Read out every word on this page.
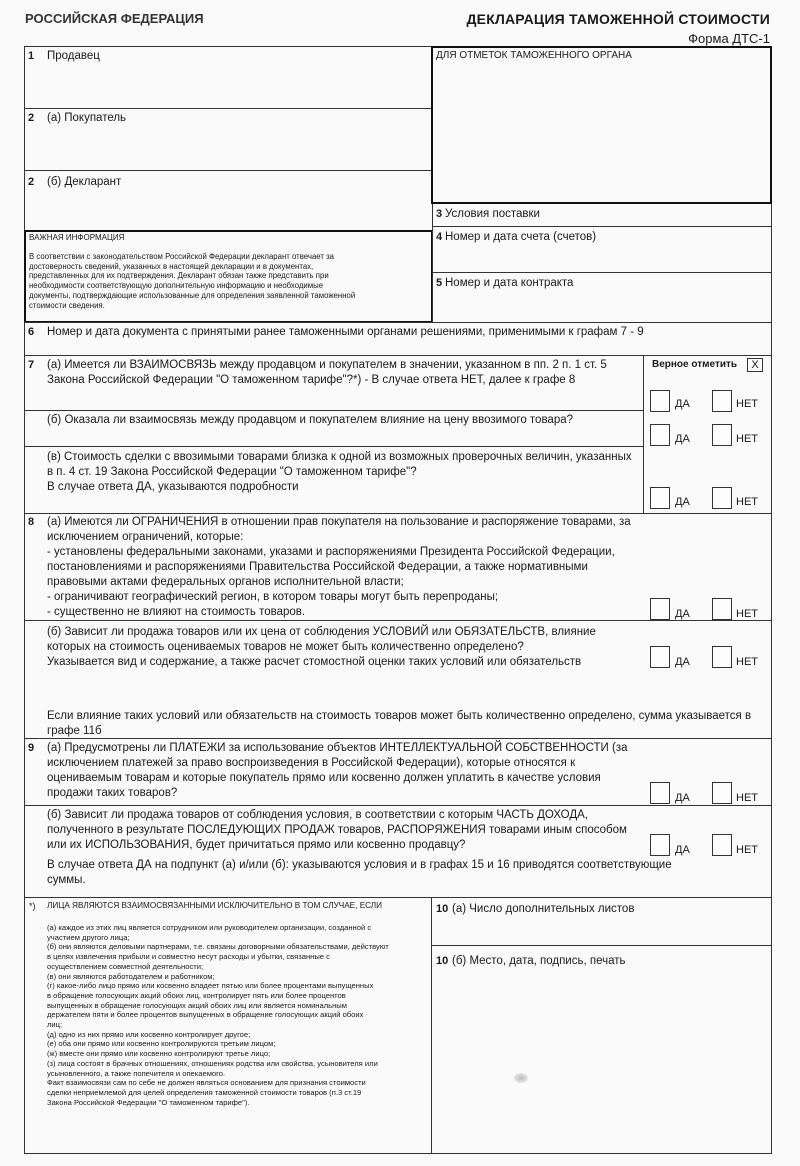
РОССИЙСКАЯ ФЕДЕРАЦИЯ	ДЕКЛАРАЦИЯ ТАМОЖЕННОЙ СТОИМОСТИ
Форма ДТС-1
1 Продавец
2 (а) Покупатель
2 (б) Декларант
ДЛЯ ОТМЕТОК ТАМОЖЕННОГО ОРГАНА
ВАЖНАЯ ИНФОРМАЦИЯ
В соответствии с законодательством Российской Федерации декларант отвечает за
достоверность сведений, указанных в настоящей декларации и в документах,
представленных для их подтверждения. Декларант обязан также представить при
необходимости соответствующую дополнительную информацию и необходимые
документы, подтверждающие использованные для определения заявленной таможенной
стоимости сведения.
3 Условия поставки
4 Номер и дата счета (счетов)
5 Номер и дата контракта
6 Номер и дата документа с принятыми ранее таможенными органами решениями, применимыми к графам 7 - 9
7	Верное отметить	X
(а) Имеется ли ВЗАИМОСВЯЗЬ между продавцом и покупателем в значении, указанном в пп. 2 п. 1 ст. 5
Закона Российской Федерации "О таможенном тарифе"?*) - В случае ответа НЕТ, далее к графе 8
ДА	НЕТ
(б) Оказала ли взаимосвязь между продавцом и покупателем влияние на цену ввозимого товара?
ДА	НЕТ
(в) Стоимость сделки с ввозимыми товарами близка к одной из возможных проверочных величин, указанных
в п. 4 ст. 19 Закона Российской Федерации "О таможенном тарифе"?
В случае ответа ДА, указываются подробности
ДА	НЕТ
8 (а) Имеются ли ОГРАНИЧЕНИЯ в отношении прав покупателя на пользование и распоряжение товарами, за
исключением ограничений, которые:
- установлены федеральными законами, указами и распоряжениями Президента Российской Федерации,
постановлениями и распоряжениями Правительства Российской Федерации, а также нормативными
правовыми актами федеральных органов исполнительной власти;
- ограничивают географический регион, в котором товары могут быть перепроданы;
- существенно не влияют на стоимость товаров.	ДА	НЕТ
(б) Зависит ли продажа товаров или их цена от соблюдения УСЛОВИЙ или ОБЯЗАТЕЛЬСТВ, влияние
которых на стоимость оцениваемых товаров не может быть количественно определено?
Указывается вид и содержание, а также расчет стомостной оценки таких условий или обязательств	ДА	НЕТ
Если влияние таких условий или обязательств на стоимость товаров может быть количественно определено, сумма указывается в
графе 11б
9 (а) Предусмотрены ли ПЛАТЕЖИ за использование объектов ИНТЕЛЛЕКТУАЛЬНОЙ СОБСТВЕННОСТИ (за
исключением платежей за право воспроизведения в Российской Федерации), которые относятся к
оцениваемым товарам и которые покупатель прямо или косвенно должен уплатить в качестве условия
продажи таких товаров?	ДА	НЕТ
(б) Зависит ли продажа товаров от соблюдения условия, в соответствии с которым ЧАСТЬ ДОХОДА,
полученного в результате ПОСЛЕДУЮЩИХ ПРОДАЖ товаров, РАСПОРЯЖЕНИЯ товарами иным способом
или их ИСПОЛЬЗОВАНИЯ, будет причитаться прямо или косвенно продавцу?	ДА	НЕТ
В случае ответа ДА на подпункт (а) и/или (б): указываются условия и в графах 15 и 16 приводятся соответствующие
суммы.
*) ЛИЦА ЯВЛЯЮТСЯ ВЗАИМОСВЯЗАННЫМИ ИСКЛЮЧИТЕЛЬНО В ТОМ СЛУЧАЕ, ЕСЛИ
(а) каждое из этих лиц является сотрудником или руководителем организации, созданной с
участием другого лица;
(б) они являются деловыми партнерами, т.е. связаны договорными обязательствами, действуют
в целях извлечения прибыли и совместно несут расходы и убытки, связанные с
осуществлением совместной деятельности;
(в) они являются работодателем и работником;
(г) какое-либо лицо прямо или косвенно владеет пятью или более процентами выпущенных
в обращение голосующих акций обоих лиц, контролирует пять или более процентов
выпущенных в обращение голосующих акций обоих лиц или является номинальным
держателем пяти и более процентов выпущенных в обращение голосующих акций обоих
лиц;
(д) одно из них прямо или косвенно контролирует другое;
(е) оба они прямо или косвенно контролируются третьим лицом;
(ж) вместе они прямо или косвенно контролируют третье лицо;
(з) лица состоят в брачных отношениях, отношениях родства или свойства, усыновителя или
усыновленного, а также попечителя и опекаемого.
Факт взаимосвязи сам по себе не должен являться основанием для признания стоимости
сделки неприемлемой для целей определения таможенной стоимости товаров (п.3 ст.19
Закона Российской Федерации "О таможенном тарифе").
10 (а) Число дополнительных листов
10 (б) Место, дата, подпись, печать
